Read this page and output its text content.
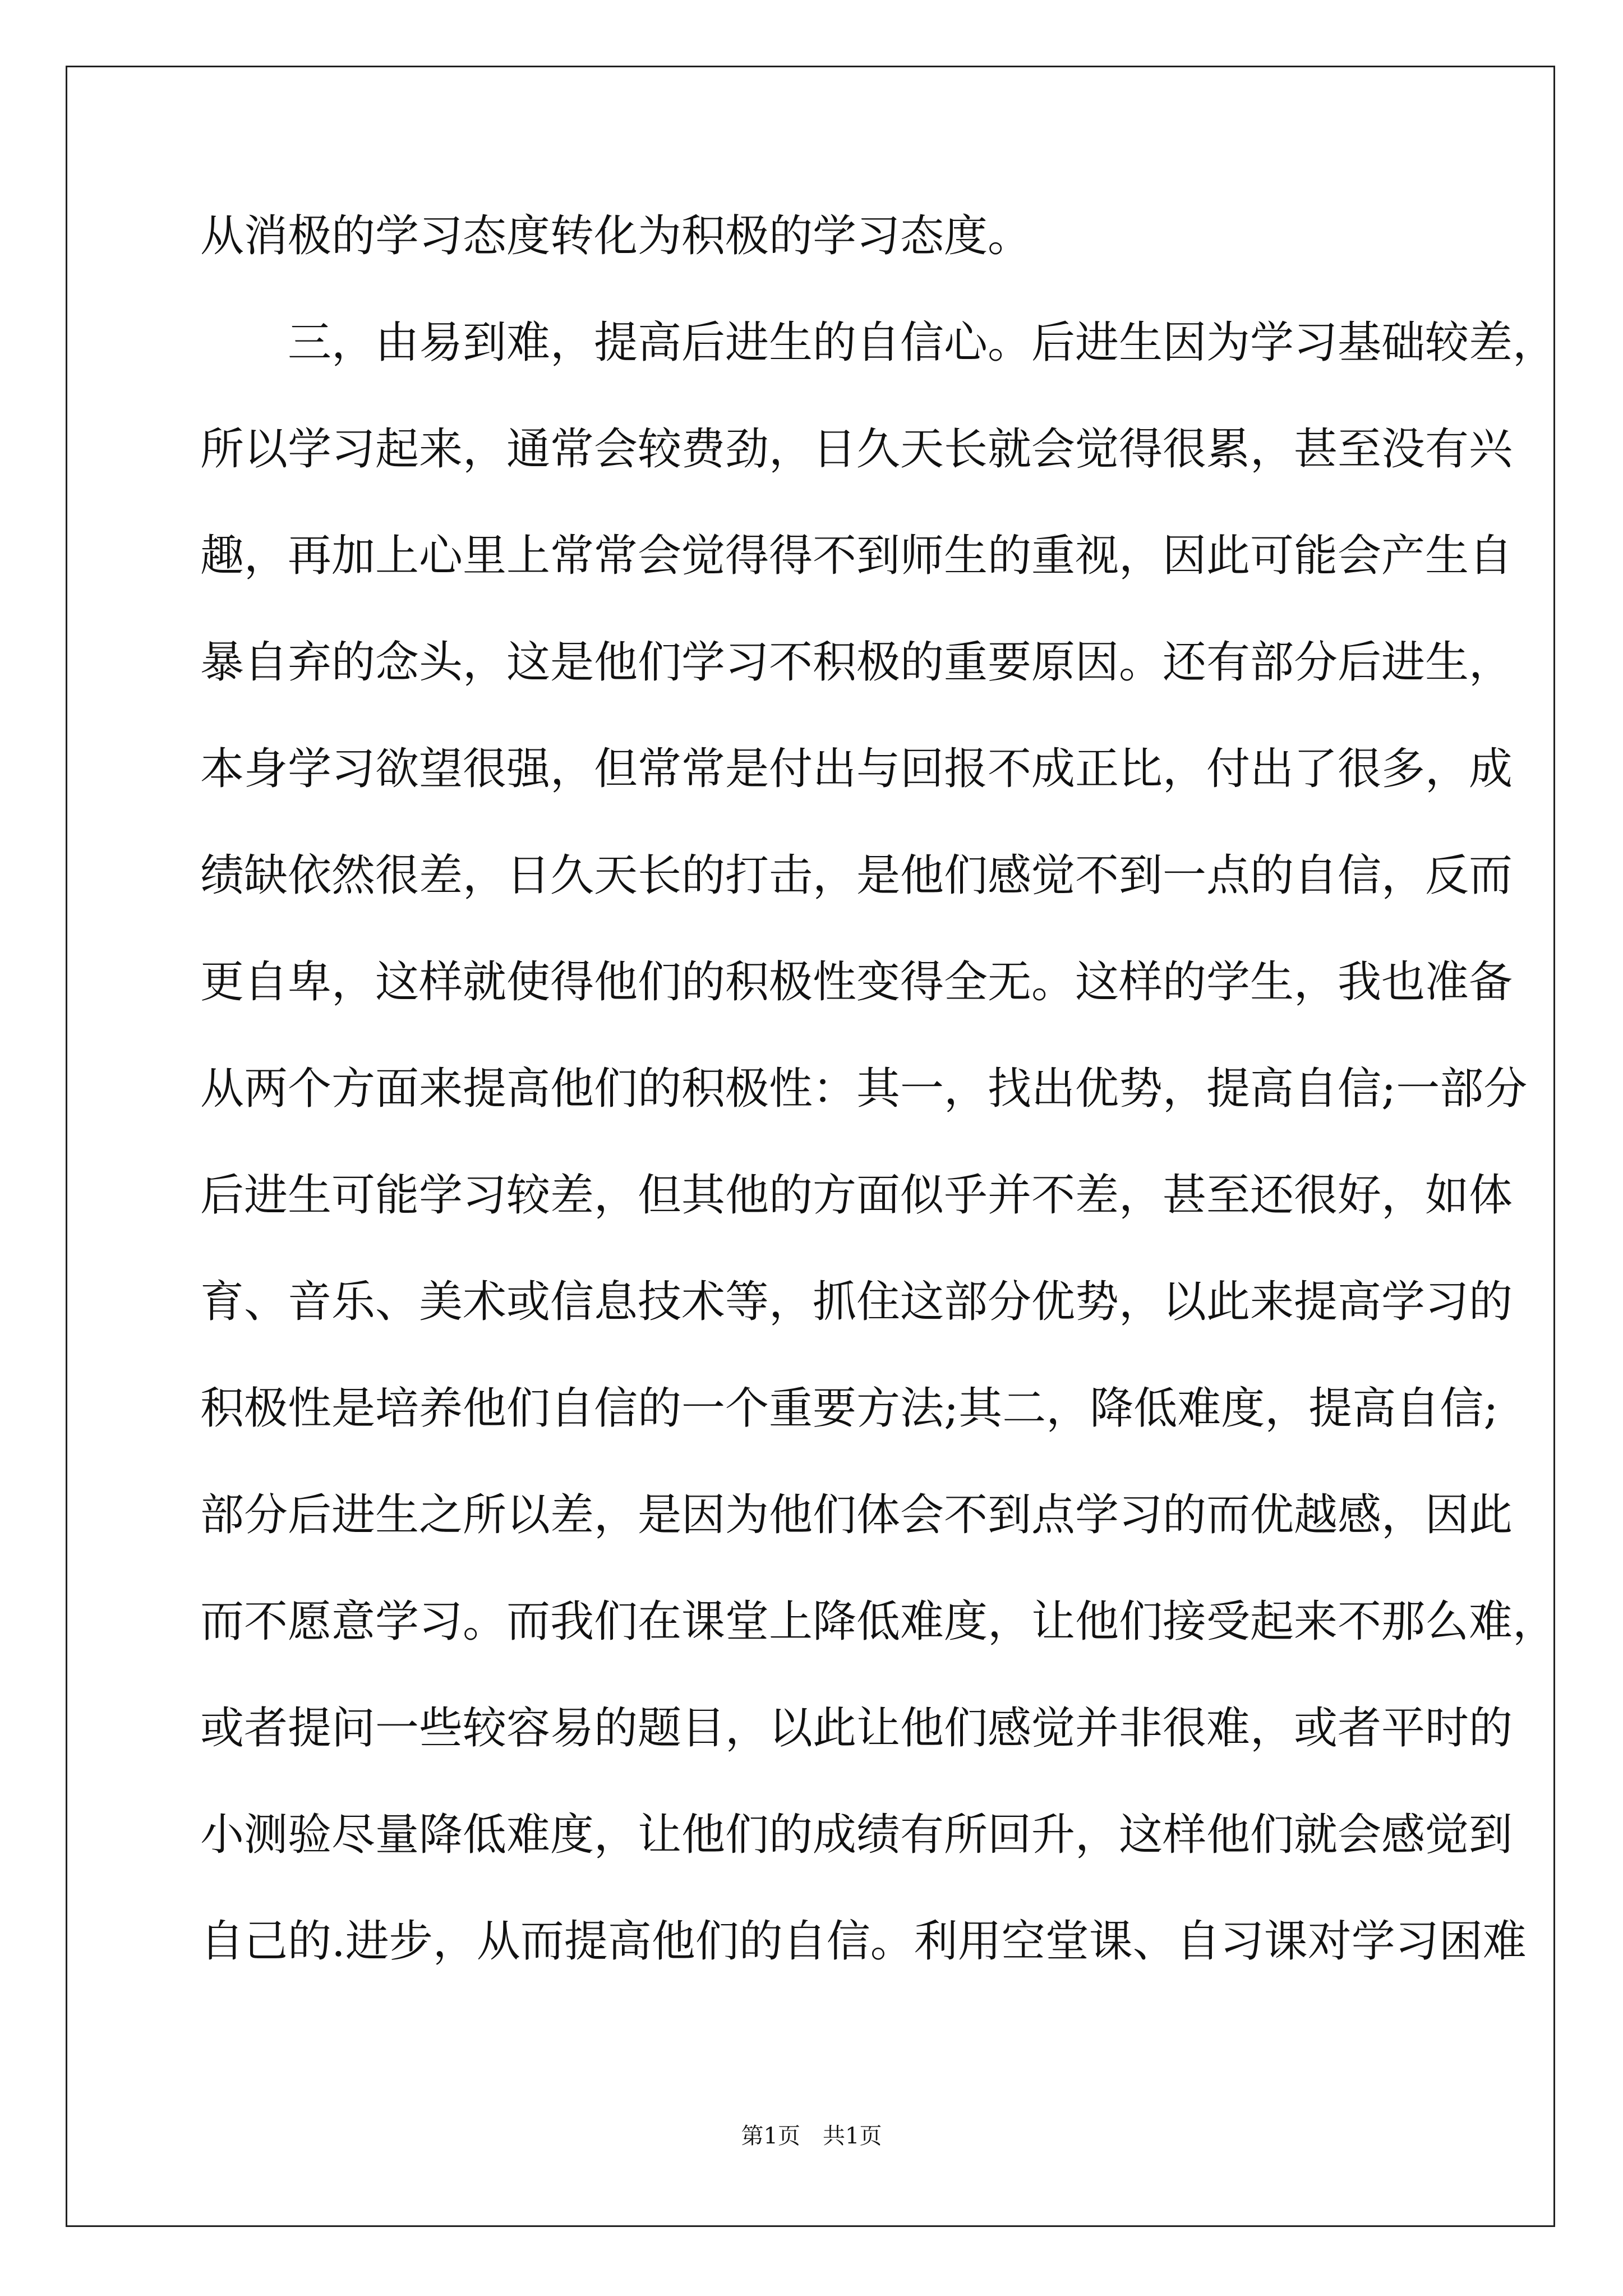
从消极的学习态度转化为积极的学习态度。
　　三，由易到难，提高后进生的自信心。后进生因为学习基础较差，
所以学习起来，通常会较费劲，日久天长就会觉得很累，甚至没有兴
趣，再加上心里上常常会觉得得不到师生的重视，因此可能会产生自
暴自弃的念头，这是他们学习不积极的重要原因。还有部分后进生，
本身学习欲望很强，但常常是付出与回报不成正比，付出了很多，成
绩缺依然很差，日久天长的打击，是他们感觉不到一点的自信，反而
更自卑，这样就使得他们的积极性变得全无。这样的学生，我也准备
从两个方面来提高他们的积极性：其一，找出优势，提高自信;一部分
后进生可能学习较差，但其他的方面似乎并不差，甚至还很好，如体
育、音乐、美术或信息技术等，抓住这部分优势，以此来提高学习的
积极性是培养他们自信的一个重要方法;其二，降低难度，提高自信;
部分后进生之所以差，是因为他们体会不到点学习的而优越感，因此
而不愿意学习。而我们在课堂上降低难度，让他们接受起来不那么难，
或者提问一些较容易的题目，以此让他们感觉并非很难，或者平时的
小测验尽量降低难度，让他们的成绩有所回升，这样他们就会感觉到
自己的.进步，从而提高他们的自信。利用空堂课、自习课对学习困难
第1页　共1页
